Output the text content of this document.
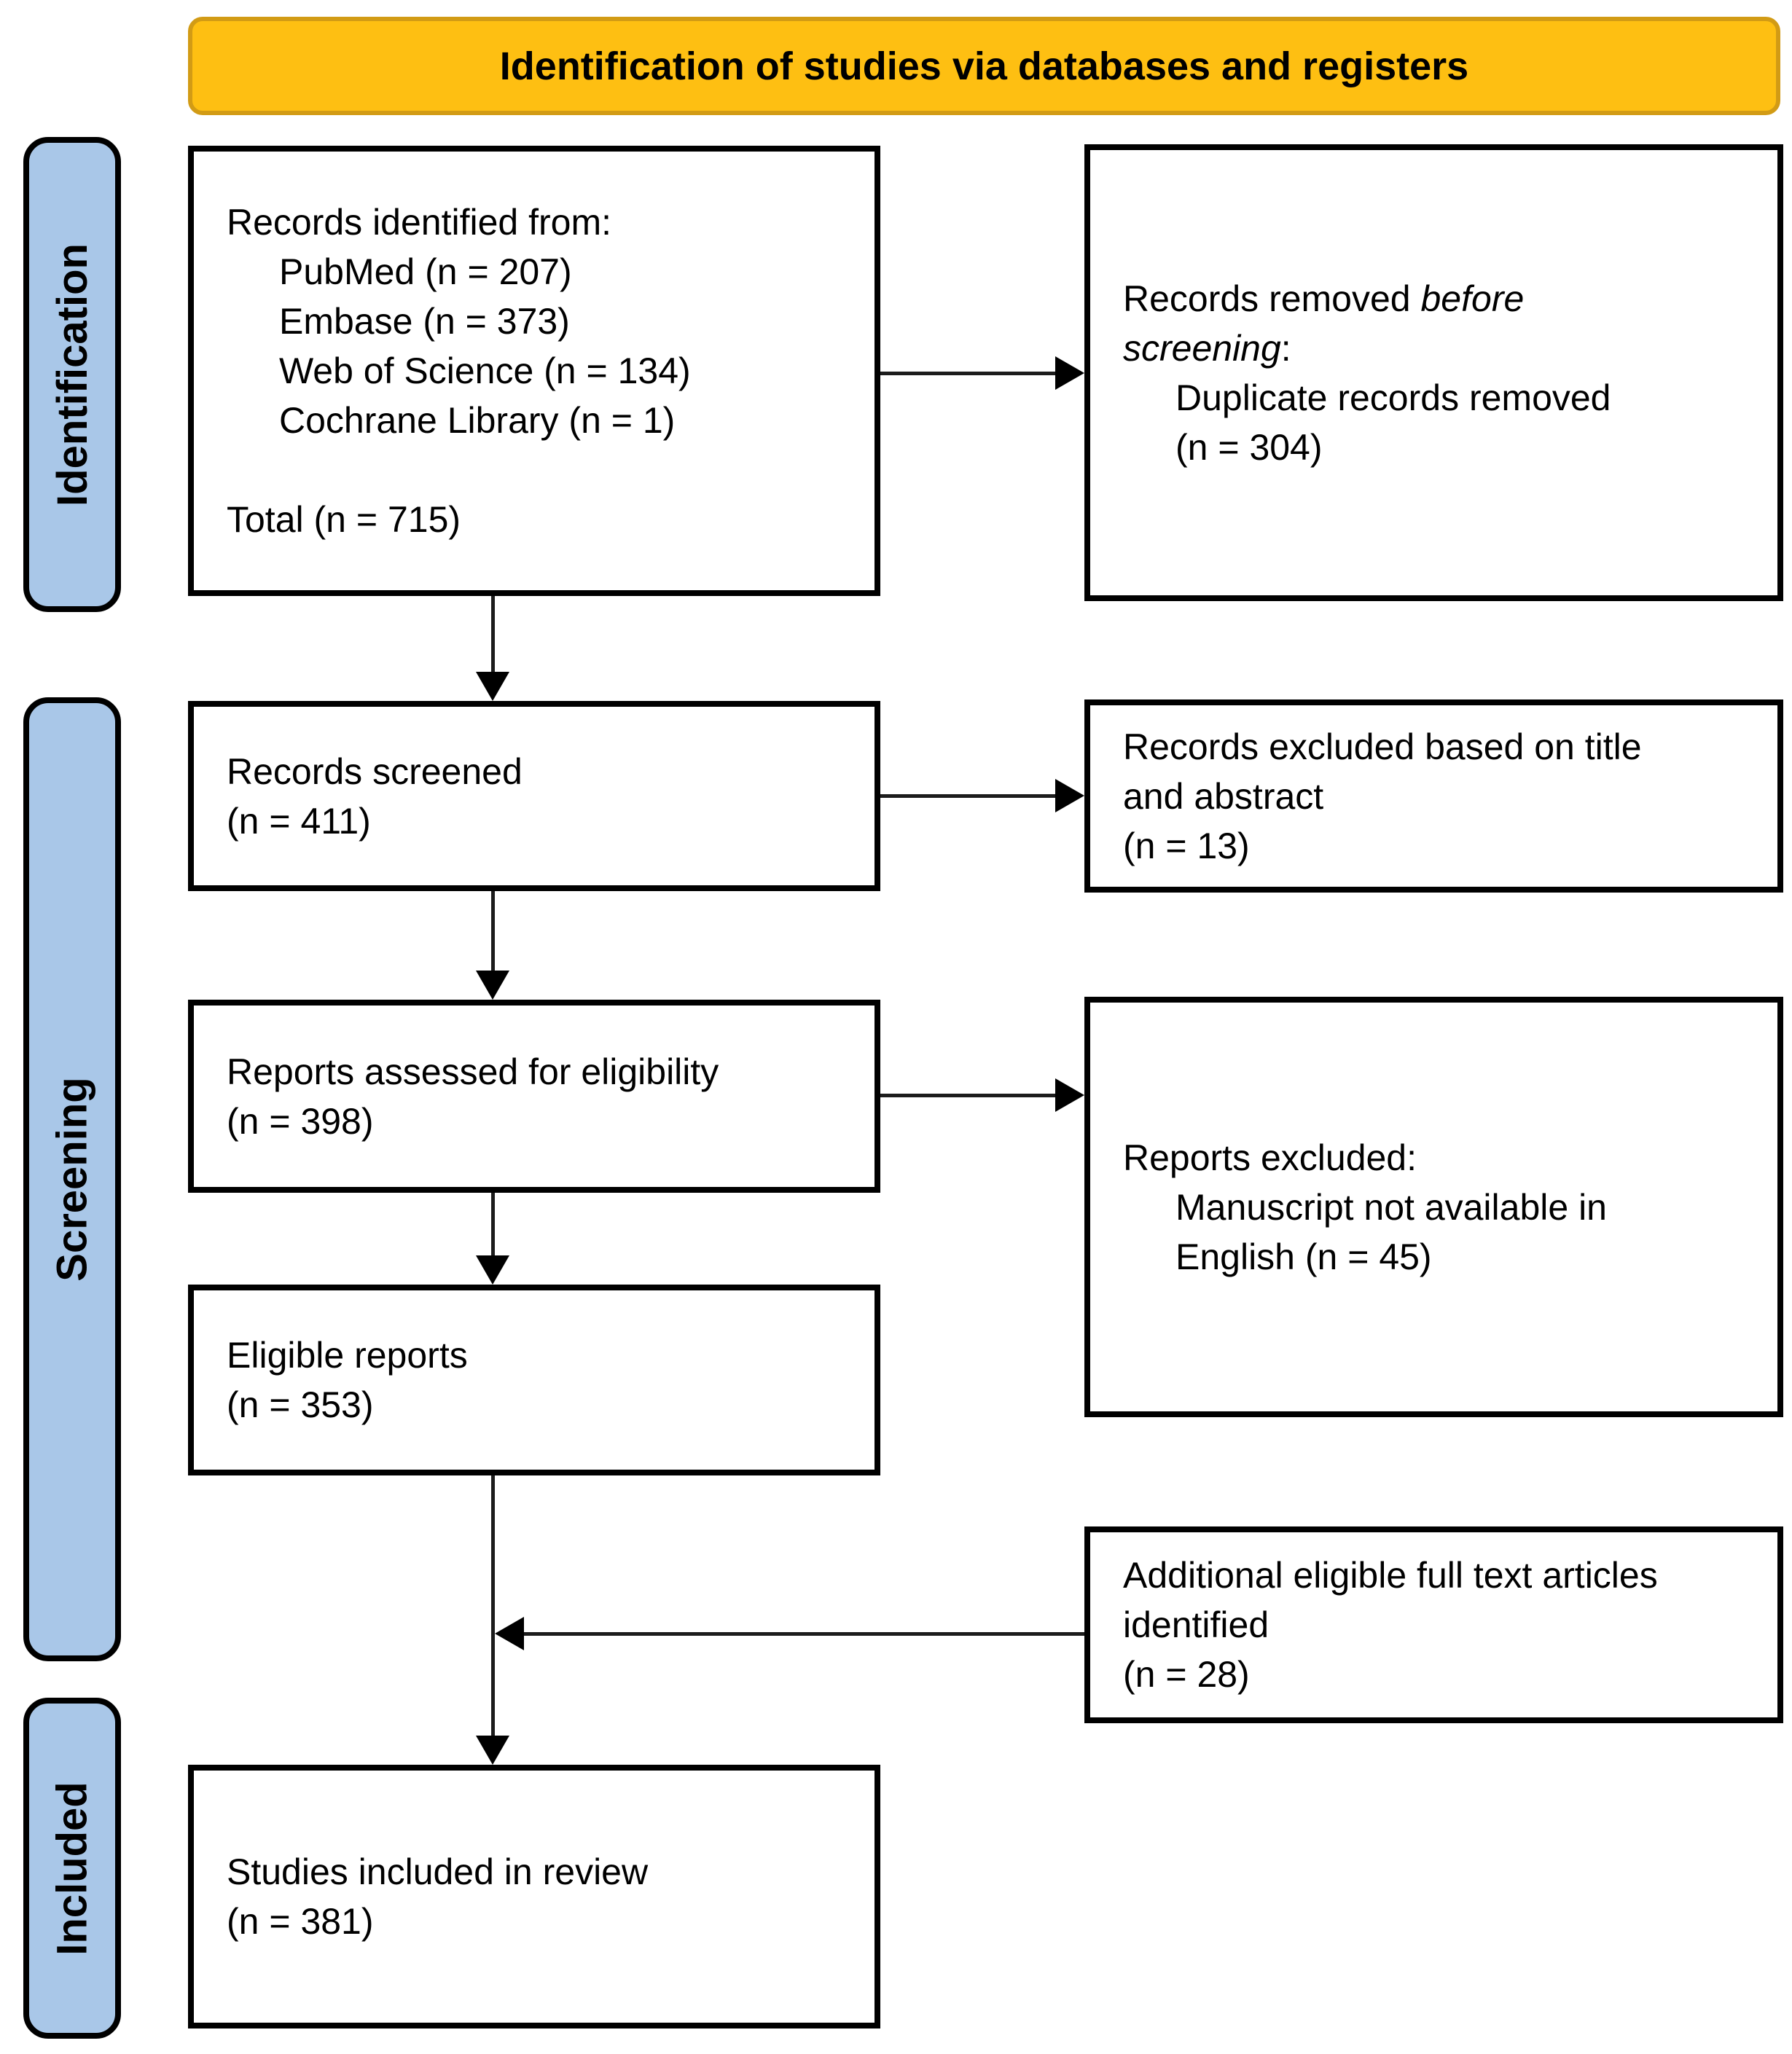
Identification of studies via databases and registers
Identification
Screening
Included
Records identified from:
PubMed (n = 207)
Embase (n = 373)
Web of Science (n = 134)
Cochrane Library (n = 1)
Total (n = 715)
Records removed before
screening:
Duplicate records removed
(n = 304)
Records screened
(n = 411)
Records excluded based on title
and abstract
(n = 13)
Reports assessed for eligibility
(n = 398)
Reports excluded:
Manuscript not available in
English (n = 45)
Eligible reports
(n = 353)
Additional eligible full text articles
identified
(n = 28)
Studies included in review
(n = 381)
